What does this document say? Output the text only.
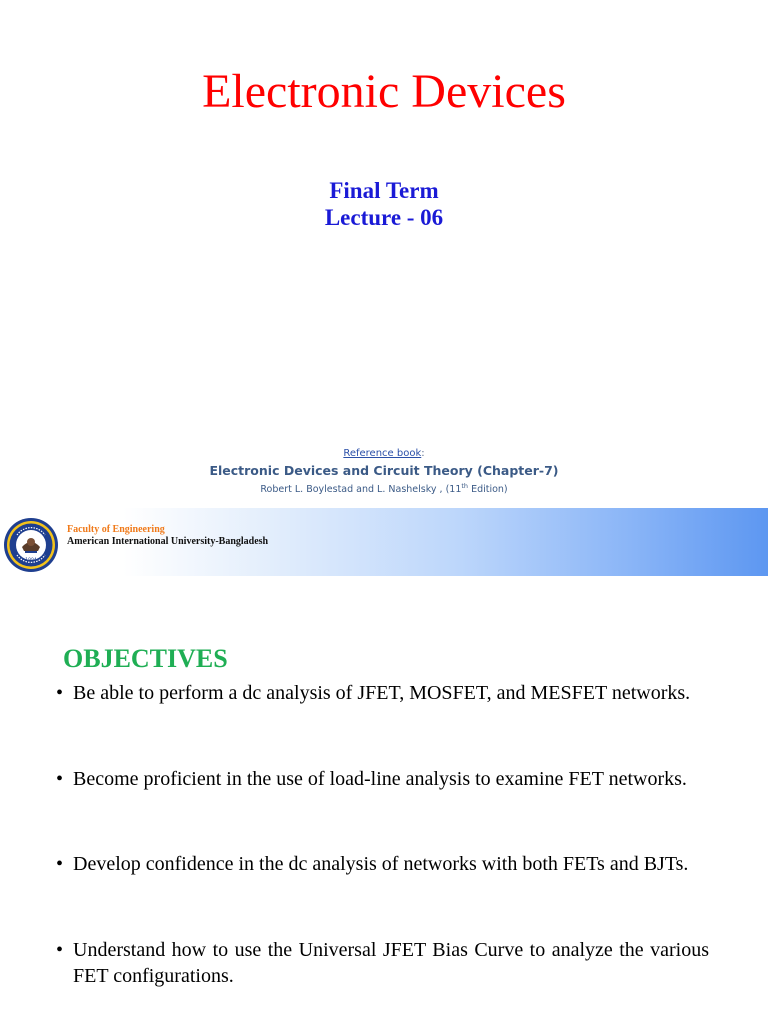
Electronic Devices
Final Term
Lecture - 06
Reference book:
Electronic Devices and Circuit Theory (Chapter-7)
Robert L. Boylestad and L. Nashelsky , (11th Edition)
1994
Faculty of Engineering
American International University-Bangladesh
OBJECTIVES
• Be able to perform a dc analysis of JFET, MOSFET, and MESFET networks.
• Become proficient in the use of load-line analysis to examine FET networks.
• Develop confidence in the dc analysis of networks with both FETs and BJTs.
• Understand how to use the Universal JFET Bias Curve to analyze the various FET configurations.
